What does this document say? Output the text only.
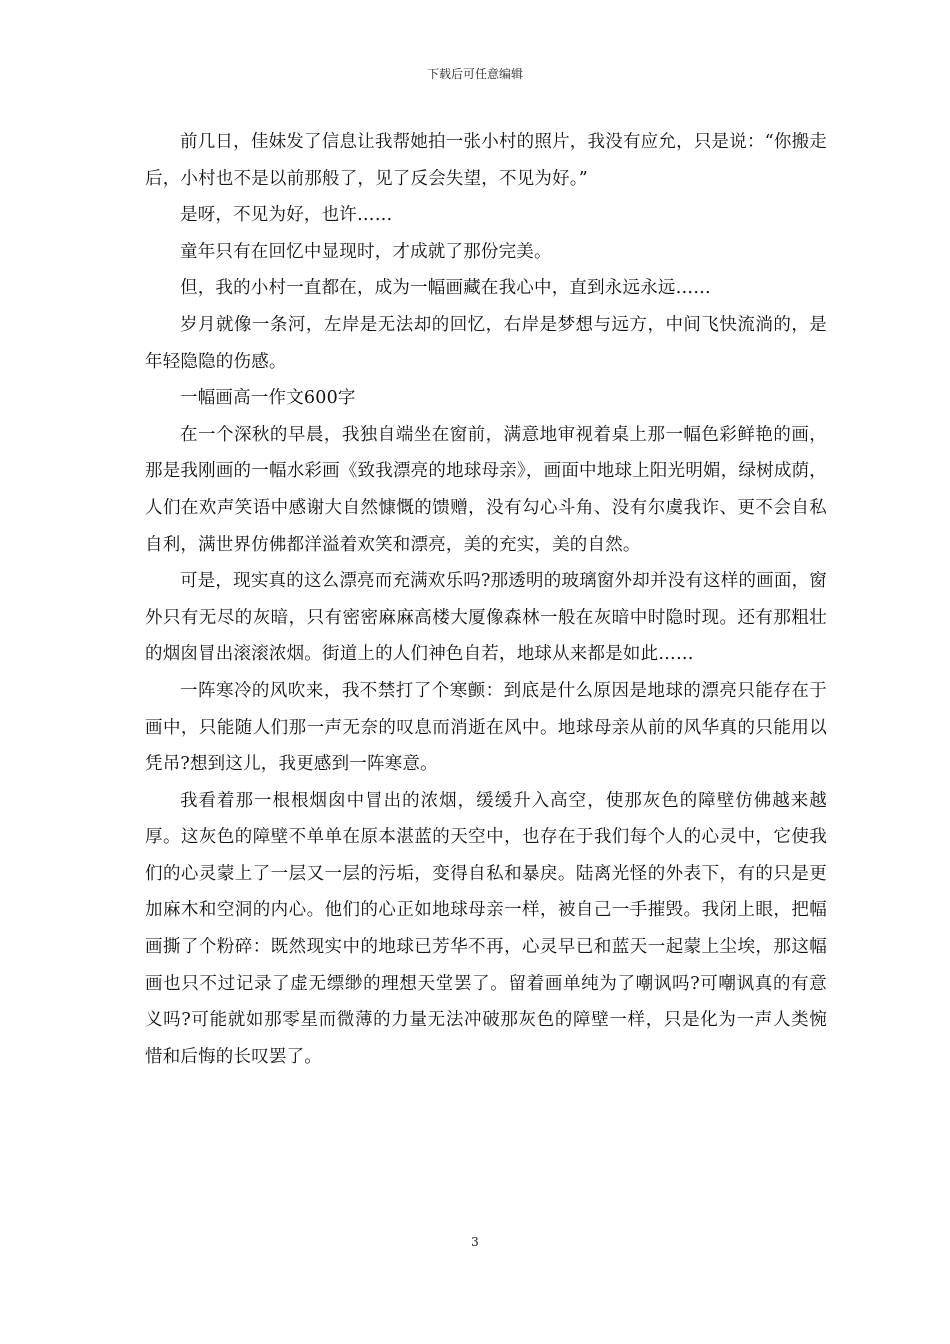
下载后可任意编辑

前几日，佳妹发了信息让我帮她拍一张小村的照片，我没有应允，只是说：“你搬走后，小村也不是以前那般了，见了反会失望，不见为好。”

是呀，不见为好，也许……

童年只有在回忆中显现时，才成就了那份完美。

但，我的小村一直都在，成为一幅画藏在我心中，直到永远永远……

岁月就像一条河，左岸是无法却的回忆，右岸是梦想与远方，中间飞快流淌的，是年轻隐隐的伤感。

一幅画高一作文600字

在一个深秋的早晨，我独自端坐在窗前，满意地审视着桌上那一幅色彩鲜艳的画，那是我刚画的一幅水彩画《致我漂亮的地球母亲》，画面中地球上阳光明媚，绿树成荫，人们在欢声笑语中感谢大自然慷慨的馈赠，没有勾心斗角、没有尔虞我诈、更不会自私自利，满世界仿佛都洋溢着欢笑和漂亮，美的充实，美的自然。

可是，现实真的这么漂亮而充满欢乐吗?那透明的玻璃窗外却并没有这样的画面，窗外只有无尽的灰暗，只有密密麻麻高楼大厦像森林一般在灰暗中时隐时现。还有那粗壮的烟囱冒出滚滚浓烟。街道上的人们神色自若，地球从来都是如此……

一阵寒冷的风吹来，我不禁打了个寒颤：到底是什么原因是地球的漂亮只能存在于画中，只能随人们那一声无奈的叹息而消逝在风中。地球母亲从前的风华真的只能用以凭吊?想到这儿，我更感到一阵寒意。

我看着那一根根烟囱中冒出的浓烟，缓缓升入高空，使那灰色的障壁仿佛越来越厚。这灰色的障壁不单单在原本湛蓝的天空中，也存在于我们每个人的心灵中，它使我们的心灵蒙上了一层又一层的污垢，变得自私和暴戾。陆离光怪的外表下，有的只是更加麻木和空洞的内心。他们的心正如地球母亲一样，被自己一手摧毁。我闭上眼，把幅画撕了个粉碎：既然现实中的地球已芳华不再，心灵早已和蓝天一起蒙上尘埃，那这幅画也只不过记录了虚无缥缈的理想天堂罢了。留着画单纯为了嘲讽吗?可嘲讽真的有意义吗?可能就如那零星而微薄的力量无法冲破那灰色的障壁一样，只是化为一声人类惋惜和后悔的长叹罢了。

3
